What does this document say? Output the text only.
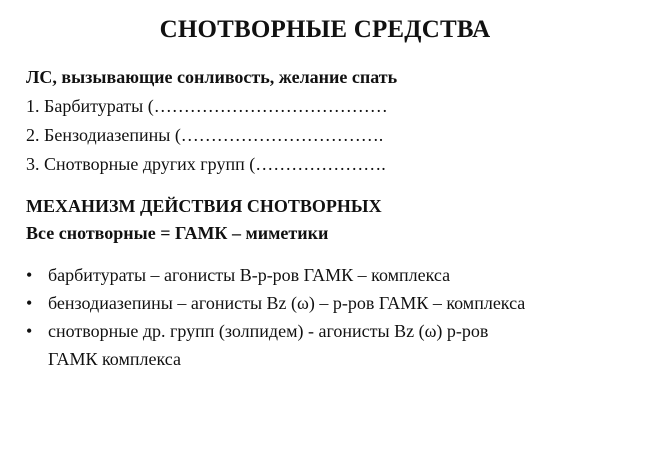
СНОТВОРНЫЕ СРЕДСТВА
ЛС, вызывающие сонливость, желание спать
1. Барбитураты (…………………………………
2. Бензодиазепины (…………………………….
3. Снотворные других групп (………………….
МЕХАНИЗМ ДЕЙСТВИЯ СНОТВОРНЫХ
Все снотворные = ГАМК – миметики
• барбитураты – агонисты В-р-ров ГАМК – комплекса
• бензодиазепины – агонисты Bz (ω) – р-ров ГАМК – комплекса
• снотворные др. групп (золпидем) - агонисты Bz (ω) р-ров
ГАМК комплекса
